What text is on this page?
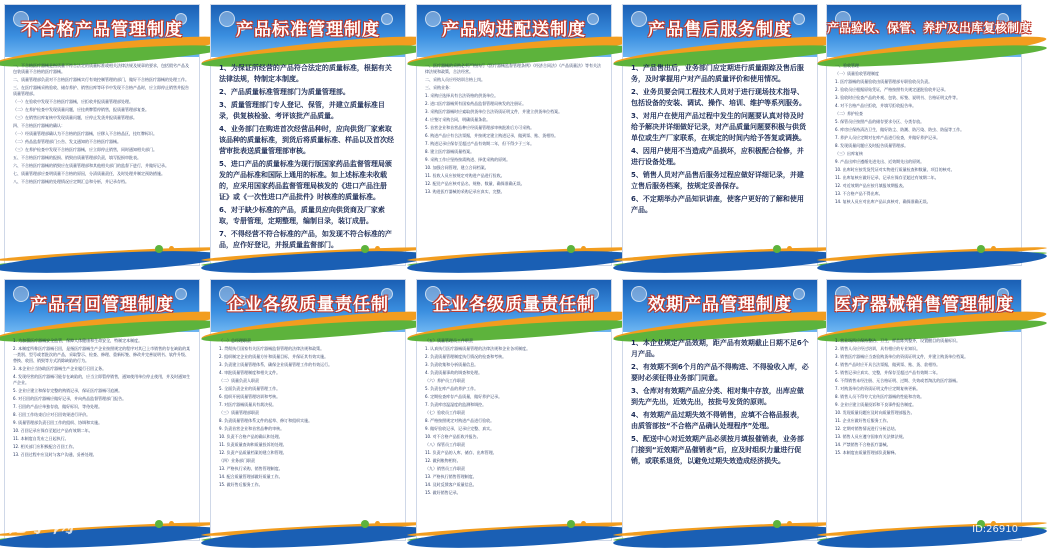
不合格产品管理制度

一、不合格医疗器械是指质量不符合法定的质量标准或相关法律法规及规章的要求，包括假劣产品及包装质量不合格的医疗器械。

二、质量管理部负责对不合格医疗器械实行有效控制管理的部门，做好不合格医疗器械的处理工作。

三、在医疗器械采购验收、储存养护、销售出库等环节中发现不合格产品时，应立即停止销售并报告质量管理部。

（一）在验收中发现不合格医疗器械，应拒收并报质量管理部处理。

（二）在养护检查中发现质量问题，应挂黄牌暂停销售，报质量管理部复查。

（三）在销售出库复核中发现质量问题，应停止发货并报质量管理部。

四、不合格医疗器械的确认：

（一）经质量管理部确认为不合格的医疗器械，应移入不合格品区，挂红牌标识。

（二）药品监督管理部门公告、发文通知的不合格医疗器械。

（三）在养护检查中发现不合格医疗器械，应立即停止销售，同时通知相关部门。

五、不合格医疗器械的报损、销毁由质量管理部负责，填写报损审批表。

六、不合格医疗器械的销毁应在质量管理部和其他相关部门的监督下进行，并做好记录。

七、质量管理部应查明质量不合格的原因，分清质量责任，及时处理并制定预防措施。

八、不合格医疗器械的处理情况应定期汇总和分析，并记录存档。

产品标准管理制度

1、为保证所经营的产品符合法定的质量标准，根据有关法律法规，特制定本制度。

2、产品质量标准管理部门为质量管理部。

3、质量管理部门专人登记、保管，并建立质量标准目录，供复核检验、考评该批产品质量。

4、业务部门在购进首次经营品种时，应向供货厂家索取该品种的质量标准，到货后将质量标准、样品以及首次经营审批表送质量管理部审核。

5、进口产品的质量标准为现行版国家药品监督管理局颁发的产品标准和国际上通用的标准。如上述标准未收载的，应采用国家药品监督管理局核发的《进口产品注册证》或《一次性进口产品批件》时核准的质量标准。

6、对于缺少标准的产品，质量员应向供货商及厂家索取，专册管理，定期整理，编制目录，装订成册。

7、不得经营不符合标准的产品，如发现不符合标准的产品，应作好登记，并报质量监督部门。

产品购进配送制度

一、医疗器械的采购必须严格执行《医疗器械监督管理条例》《经济合同法》《产品质量法》等有关法律法规和政策，合法经营。

二、采购人员应经培训合格上岗。

三、采购业务：

1. 采购应选择具有合法资格的供货单位。

2. 进口医疗器械须有国家药品监督管理局核发的注册证。

3. 采购医疗器械时应索取供货单位合法资质证明文件，并建立供货单位档案。

4. 应签订采购合同，明确质量条款。

5. 首营企业和首营品种应经质量管理部审核批准后方可采购。

6. 购进产品应有合法票据，并按规定建立购进记录，做到票、账、货相符。

7. 购进记录应保存至超过产品有效期二年，但不得少于三年。

8. 建立医疗器械质量档案。

9. 采购工作应坚持按需购进、择优采购的原则。

10. 加强合同管理，建立合同档案。

11. 验收人员应按规定对购进产品进行验收。

12. 配送产品应核对品名、规格、数量，确保准确无误。

13. 购进医疗器械的采购记录应真实、完整。

产品售后服务制度

1、产品售出后，业务部门应定期进行质量跟踪及售后服务，及时掌握用户对产品的质量评价和使用情况。

2、业务员要会同工程技术人员对于进行现场技术指导、包括设备的安装、调试、操作、培训、维护等系列服务。

3、对用户在使用产品过程中发生的问题要认真对待及时给予解决并详细做好记录，对产品质量问题要积极与供货单位或生产厂家联系，在规定的时间内给予答复或调换。

4、因用户使用不当造成产品损坏，应积极配合检修，并进行设备处理。

5、销售人员对产品售后服务过程应做好详细记录，并建立售后服务档案，按规定妥善保存。

6、不定期举办产品知识讲座，使客户更好的了解和使用产品。

产品验收、保管、养护及出库复核制度

一、验收管理

（一）质量验收管理制度

1. 医疗器械的质量验收由质量管理部专职验收员负责。

2. 验收员应根据原始凭证，严格按照有关规定逐批验收并记录。

3. 验收时应检查产品的外观、包装、标签、说明书、合格证明文件等。

4. 对不合格产品应拒收，并填写拒收报告单。

（二）养护检查

5. 保管员应按照产品的储存要求分区、分类存放。

6. 库房应保持清洁卫生，做好防尘、防潮、防污染、防虫、防鼠等工作。

7. 养护人员应定期对在库产品进行检查，并做好养护记录。

8. 发现质量问题应及时报告质量管理部。

（三）出库复核

9. 产品出库应遵循先进先出、近效期先出的原则。

10. 出库时应按发货凭证对实物进行质量检查和数量、项目的核对。

11. 出库复核应做好记录，记录应保存至超过有效期二年。

12. 对近效期产品应按月填报效期报表。

13. 不合格产品不得出库。

14. 复核人员应对出库产品认真核对，确保准确无误。

产品召回管理制度

1. 为加强医疗器械安全监管，保障人体健康和生命安全，特制定本制度。

2. 本制度所称医疗器械召回，是指医疗器械生产企业按照规定的程序对其已上市销售的存在缺陷的某一类别、型号或者批次的产品，采取警示、检查、修理、重新标签、修改并完善说明书、软件升级、替换、收回、销毁等方式消除缺陷的行为。

3. 本企业应当协助医疗器械生产企业履行召回义务。

4. 发现经营的医疗器械可能存在缺陷的，应当立即暂停销售，通知使用单位停止使用，并及时通知生产企业。

5. 企业应建立和保存完整的购销记录，保证医疗器械可追溯。

6. 对召回的医疗器械应做好记录，并向药品监督管理部门报告。

7. 召回的产品应单独存放，做好标识，等待处理。

8. 召回工作结束后应对召回效果进行评价。

9. 质量管理部负责召回工作的组织、协调和实施。

10. 召回记录应保存至超过产品有效期二年。

11. 本制度自发布之日起执行。

12. 相关部门应积极配合召回工作。

13. 召回过程中应及时与客户沟通，妥善处理。

企业各级质量责任制

（一）总经理职责

1. 贯彻执行国家有关医疗器械监督管理的法律法规和政策。

2. 组织制定企业的质量方针和质量目标，并保证其有效实施。

3. 负责建立质量管理体系，确保企业质量管理工作的有效运行。

4. 审批质量管理制度和相关文件。

（二）质量负责人职责

5. 全面负责企业的质量管理工作。

6. 组织开展质量管理培训和考核。

7. 对医疗器械质量具有裁决权。

（三）质量管理部职责

8. 负责质量管理体系文件的起草、修订和组织实施。

9. 负责首营企业和首营品种的审核。

10. 负责不合格产品的确认和处理。

11. 负责质量查询和质量投诉的处理。

12. 负责产品质量档案的建立和管理。

（四）业务部门职责

13. 严格执行采购、销售管理制度。

14. 配合质量管理部做好质量工作。

15. 做好售后服务工作。

企业各级质量责任制

（五）质量管理员工作职责

1. 认真执行医疗器械质量管理的法律法规和企业各项制度。

2. 负责质量管理制度执行情况的检查和考核。

3. 负责收集和分析质量信息。

4. 负责质量事故的调查和处理。

（六）养护员工作职责

5. 负责在库产品的养护工作。

6. 定期检查库存产品质量，做好养护记录。

7. 负责库房温湿度的监测和调控。

（七）验收员工作职责

8. 严格按照规定对购进产品进行验收。

9. 做好验收记录，记录应完整、真实。

10. 对不合格产品拒收并报告。

（八）保管员工作职责

11. 负责产品的入库、储存、出库管理。

12. 做到账物相符。

（九）销售员工作职责

13. 严格执行销售管理制度。

14. 及时反馈客户质量信息。

15. 做好销售记录。

效期产品管理制度

1、本企业规定产品效期，距产品有效期截止日期不足6个月产品。

2、有效期不到6个月的产品不得购进、不得验收入库，必要时必须征得业务部门同意。

3、仓库对有效期产品应分类、相对集中存放，出库应做到先产先出，近效先出，按批号发货的原则。

4、有效期产品过期失效不得销售，应填不合格品报表，由质管部按“不合格产品确认处理程序”处理。

5、配送中心对近效期产品必须按月填报催销表，业务部门接到“近效期产品催销表”后，应及时组织力量进行促销，或联系退货，以避免过期失效造成经济损失。

医疗器械销售管理制度

1. 营业场所应保持整洁、卫生，样品陈列整齐，设置醒目的质量标识。

2. 销售人员应经过培训，具有相应的专业知识。

3. 销售医疗器械应当查验购货单位的资质证明文件，并建立购货单位档案。

4. 销售产品时应开具合法票据，做到票、账、货、款相符。

5. 销售记录应真实、完整，并保存至超过产品有效期二年。

6. 不得销售未经注册、无合格证明、过期、失效或者淘汰的医疗器械。

7. 对购货单位的资质证明文件应定期复核更新。

8. 销售人员不得夸大宣传医疗器械的性能和功效。

9. 企业应建立质量投诉和不良事件报告制度。

10. 发现质量问题应及时向质量管理部报告。

11. 企业应做好售后服务工作。

12. 定期对销售情况进行分析总结。

13. 销售人员应遵守国家有关法律法规。

14. 严禁销售不合格医疗器械。

15. 本制度由质量管理部负责解释。

昵享网	ID:26910
